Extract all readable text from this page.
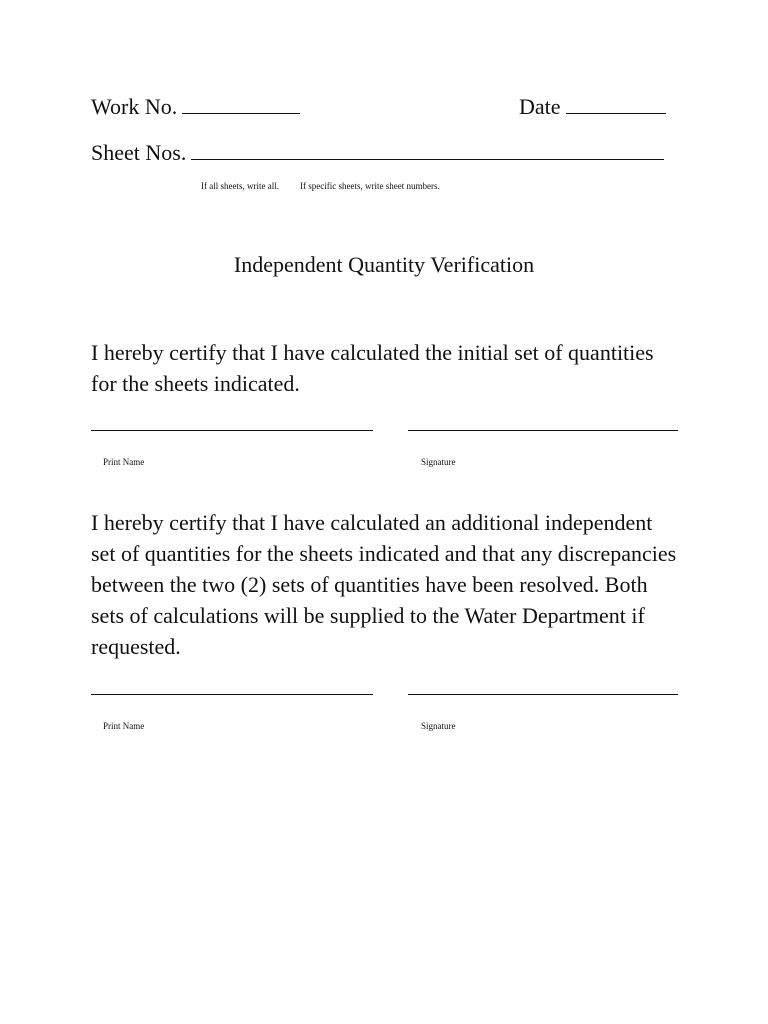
Work No.	Date
Sheet Nos.
If all sheets, write all. If specific sheets, write sheet numbers.
Independent Quantity Verification
I hereby certify that I have calculated the initial set of quantities for the sheets indicated.
Print Name	Signature
I hereby certify that I have calculated an additional independent set of quantities for the sheets indicated and that any discrepancies between the two (2) sets of quantities have been resolved. Both sets of calculations will be supplied to the Water Department if requested.
Print Name	Signature
